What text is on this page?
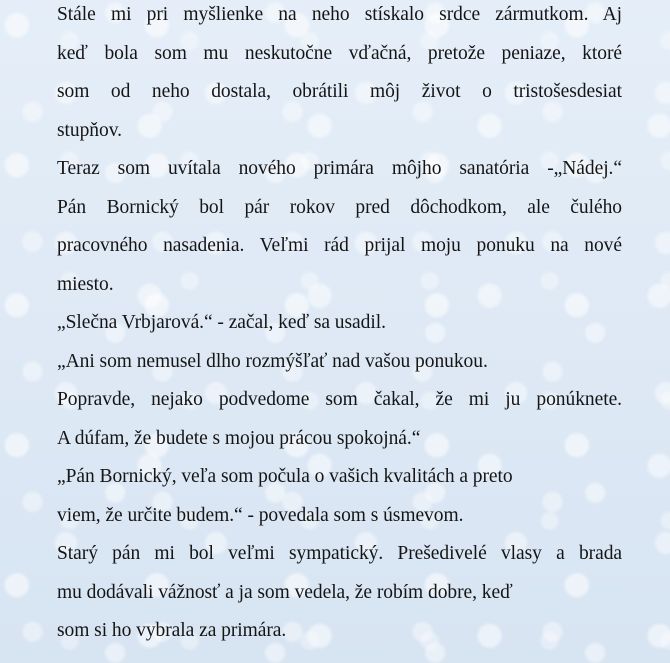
Stále mi pri myšlienke na neho stískalo srdce zármutkom. Aj
keď bola som mu neskutočne vďačná, pretože peniaze, ktoré
som od neho dostala, obrátili môj život o tristošesdesiat
stupňov.
Teraz som uvítala nového primára môjho sanatória -„Nádej.“
Pán Bornický bol pár rokov pred dôchodkom, ale čulého
pracovného nasadenia. Veľmi rád prijal moju ponuku na nové
miesto.
„Slečna Vrbjarová.“ - začal, keď sa usadil.
„Ani som nemusel dlho rozmýšľať nad vašou ponukou.
Popravde, nejako podvedome som čakal, že mi ju ponúknete.
A dúfam, že budete s mojou prácou spokojná.“
„Pán Bornický, veľa som počula o vašich kvalitách a preto
viem, že určite budem.“ - povedala som s úsmevom.
Starý pán mi bol veľmi sympatický. Prešedivelé vlasy a brada
mu dodávali vážnosť a ja som vedela, že robím dobre, keď
som si ho vybrala za primára.
